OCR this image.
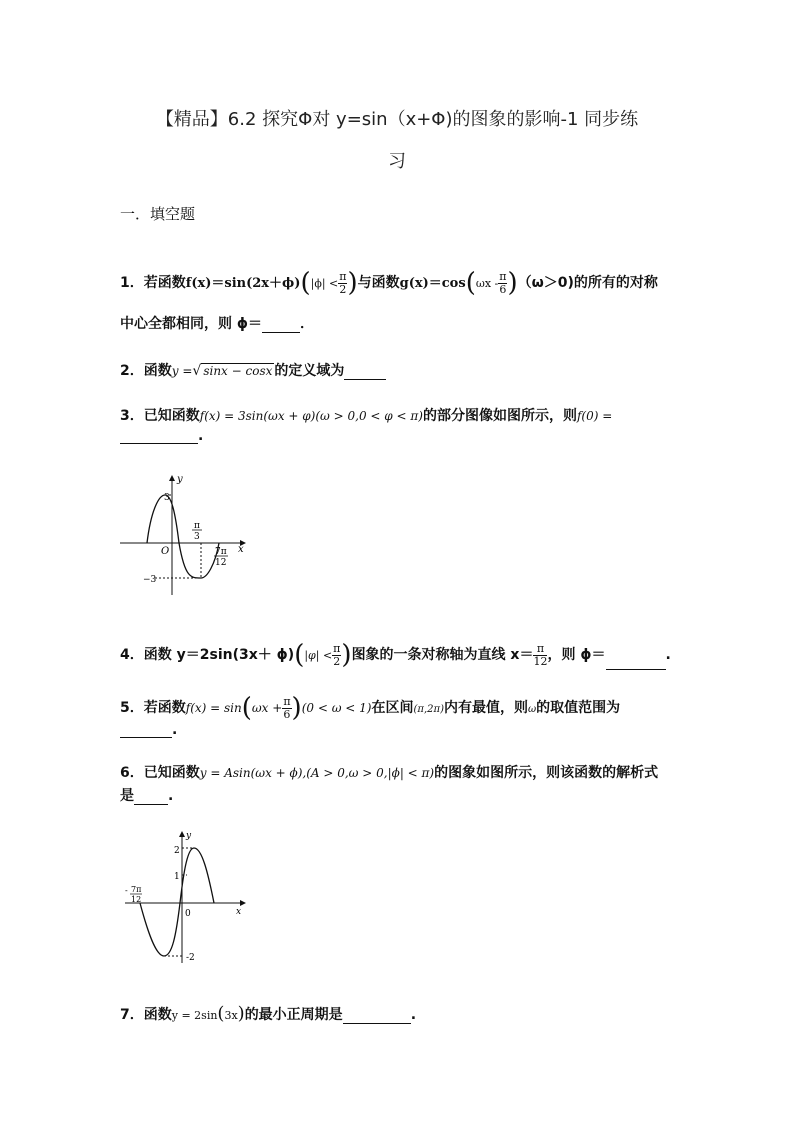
【精品】6.2 探究Φ对 y=sin（x+Φ)的图象的影响-1 同步练
习
一．填空题
1．若函数$f(x)=\sin(2x+\phi)(|\phi| < \frac{\pi}{2}$ )与函数$g(x)=\cos(\omega x - \frac{\pi}{6} )(\omega>0)$的所有的对称
中心全都相同，则 ϕ＝	．
2．函数y =√ sinx − cosx 的定义域为
3．已知函数f(x) = 3sin(ωx + φ)(ω > 0,0 < φ < π)的部分图像如图所示，则f(0) =
.
y
x
O
3
−3
π
3
7π
12
4．函数 $y=2\sin(3x+ \phi)(|\varphi| < \frac{\pi}{2}$ )图象的一条对称轴为直线 $x= \frac{\pi}{12}$ ，则 ϕ＝	.
5．若函数$f(x) = \sin(\omega x + \frac{\pi}{6} )(0 < \omega < 1)$在区间(π,2π)内有最值，则ω的取值范围为
.
6．已知函数y = Asin(ωx + ϕ),(A > 0,ω > 0,|ϕ| < π)的图象如图所示，则该函数的解析式
是 .
y
x
0
2
1
-2
- 7π
12
7．函数y = 2sin(3x)的最小正周期是	.
